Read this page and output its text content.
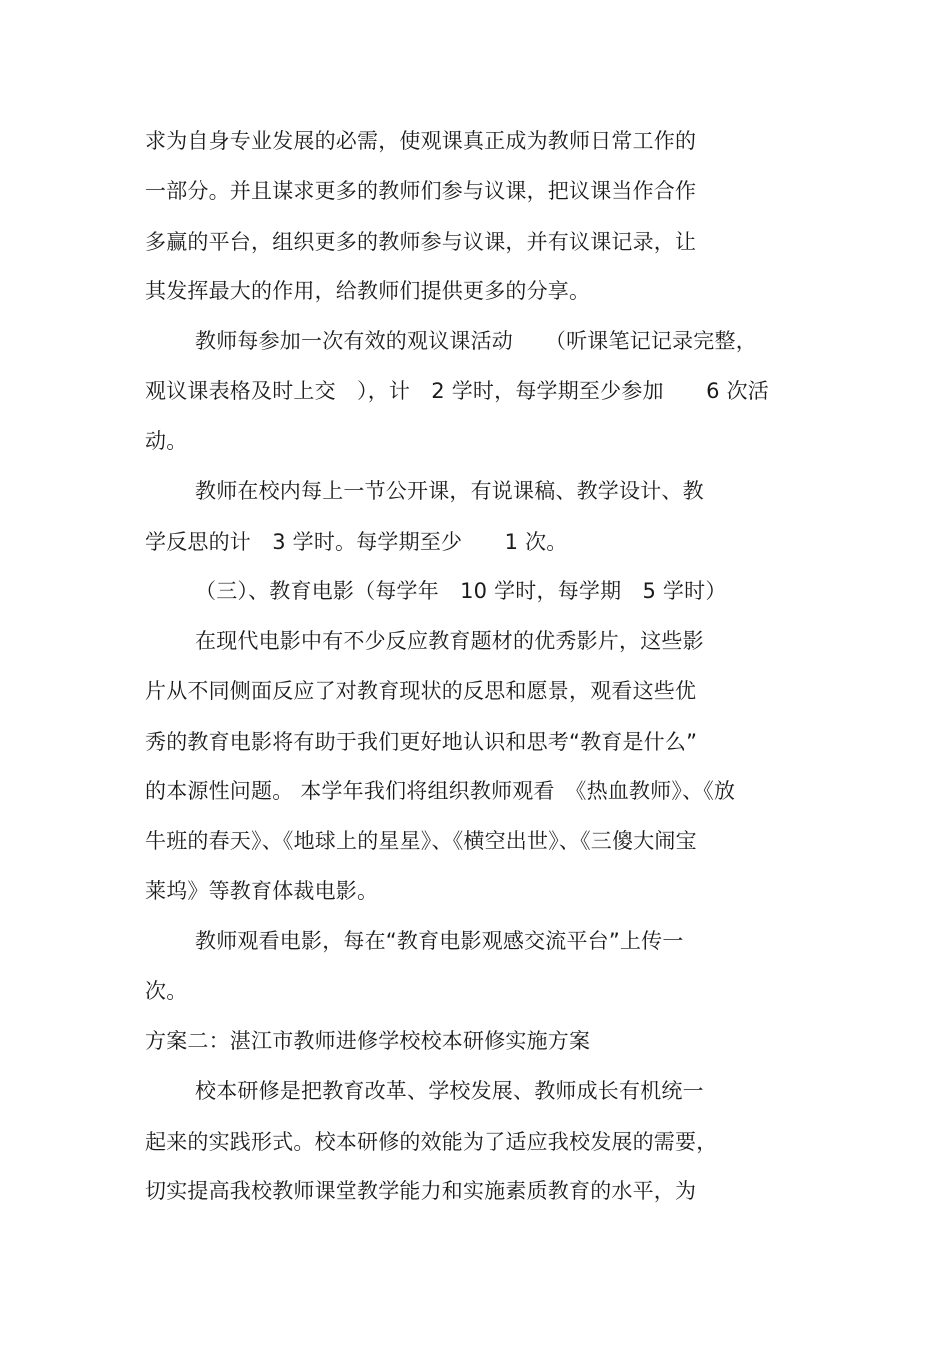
求为自身专业发展的必需，使观课真正成为教师日常工作的
一部分。并且谋求更多的教师们参与议课，把议课当作合作
多赢的平台，组织更多的教师参与议课，并有议课记录，让
其发挥最大的作用，给教师们提供更多的分享。
教师每参加一次有效的观议课活动　　（听课笔记记录完整，
观议课表格及时上交　），计　2 学时，每学期至少参加　　6 次活
动。
教师在校内每上一节公开课，有说课稿、教学设计、教
学反思的计　3 学时。每学期至少　　1 次。
（三）、教育电影（每学年　10 学时，每学期　5 学时）
在现代电影中有不少反应教育题材的优秀影片，这些影
片从不同侧面反应了对教育现状的反思和愿景，观看这些优
秀的教育电影将有助于我们更好地认识和思考“教育是什么”
的本源性问题。 本学年我们将组织教师观看　《热血教师》、《放
牛班的春天》、《地球上的星星》、《横空出世》、《三傻大闹宝
莱坞》等教育体裁电影。
教师观看电影，每在“教育电影观感交流平台”上传一
次。
方案二：湛江市教师进修学校校本研修实施方案
校本研修是把教育改革、学校发展、教师成长有机统一
起来的实践形式。校本研修的效能为了适应我校发展的需要，
切实提高我校教师课堂教学能力和实施素质教育的水平，为
